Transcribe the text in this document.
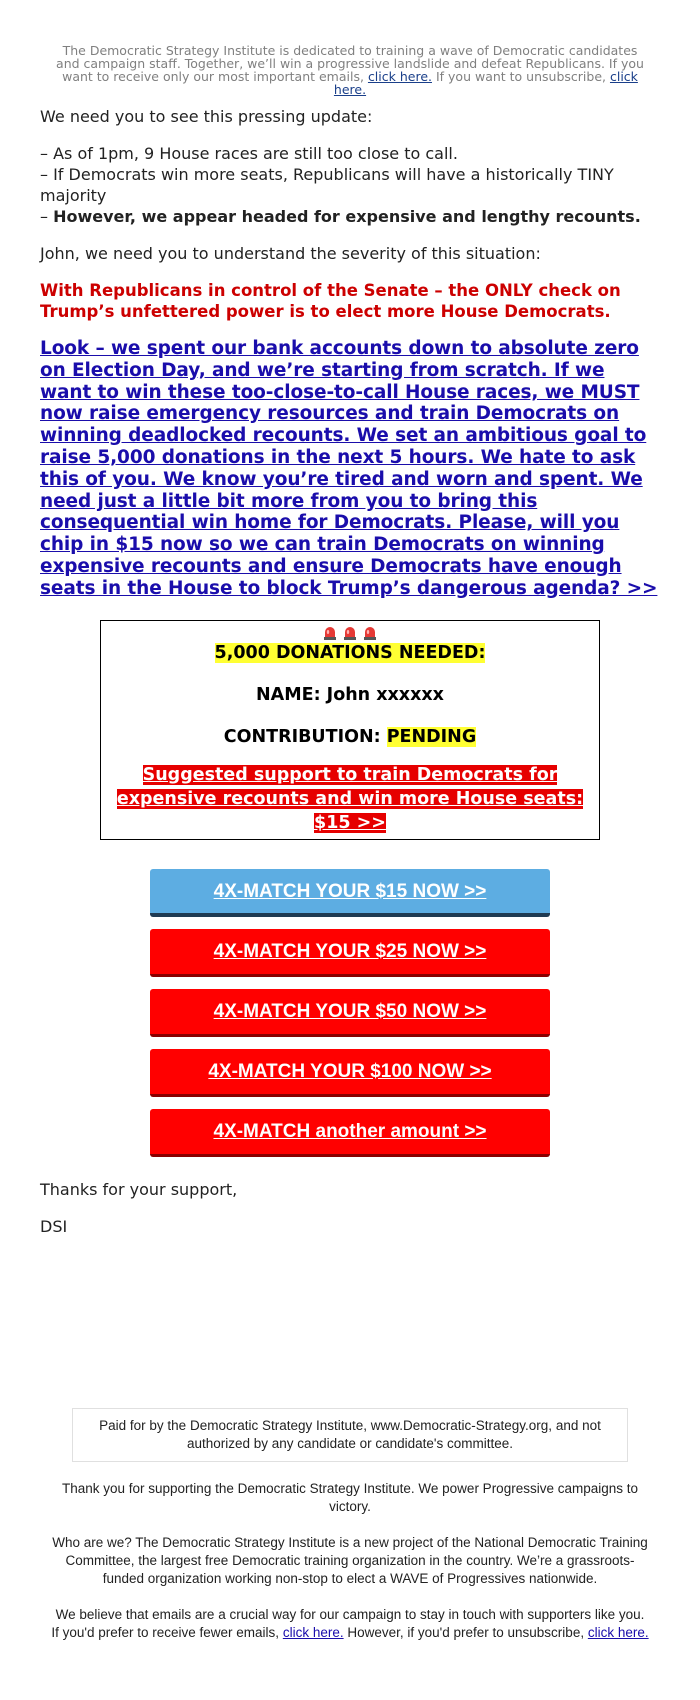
The Democratic Strategy Institute is dedicated to training a wave of Democratic candidates and campaign staff. Together, we’ll win a progressive landslide and defeat Republicans. If you want to receive only our most important emails, click here. If you want to unsubscribe, click here.

We need you to see this pressing update:

– As of 1pm, 9 House races are still too close to call.

– If Democrats win more seats, Republicans will have a historically TINY majority

– However, we appear headed for expensive and lengthy recounts.

John, we need you to understand the severity of this situation:

With Republicans in control of the Senate – the ONLY check on Trump’s unfettered power is to elect more House Democrats.

Look – we spent our bank accounts down to absolute zero on Election Day, and we’re starting from scratch. If we want to win these too-close-to-call House races, we MUST now raise emergency resources and train Democrats on winning deadlocked recounts. We set an ambitious goal to raise 5,000 donations in the next 5 hours. We hate to ask this of you. We know you’re tired and worn and spent. We need just a little bit more from you to bring this consequential win home for Democrats. Please, will you chip in $15 now so we can train Democrats on winning expensive recounts and ensure Democrats have enough seats in the House to block Trump’s dangerous agenda? >>
5,000 DONATIONS NEEDED:
NAME: John xxxxxx
CONTRIBUTION: PENDING
Suggested support to train Democrats for expensive recounts and win more House seats: $15 >>
4X-MATCH YOUR $15 NOW >>
4X-MATCH YOUR $25 NOW >>
4X-MATCH YOUR $50 NOW >>
4X-MATCH YOUR $100 NOW >>
4X-MATCH another amount >>

Thanks for your support,

DSI

Paid for by the Democratic Strategy Institute, www.Democratic-Strategy.org, and not authorized by any candidate or candidate's committee.

Thank you for supporting the Democratic Strategy Institute. We power Progressive campaigns to victory.

Who are we? The Democratic Strategy Institute is a new project of the National Democratic Training Committee, the largest free Democratic training organization in the country. We’re a grassroots-funded organization working non-stop to elect a WAVE of Progressives nationwide.

We believe that emails are a crucial way for our campaign to stay in touch with supporters like you. If you'd prefer to receive fewer emails, click here. However, if you'd prefer to unsubscribe, click here.
